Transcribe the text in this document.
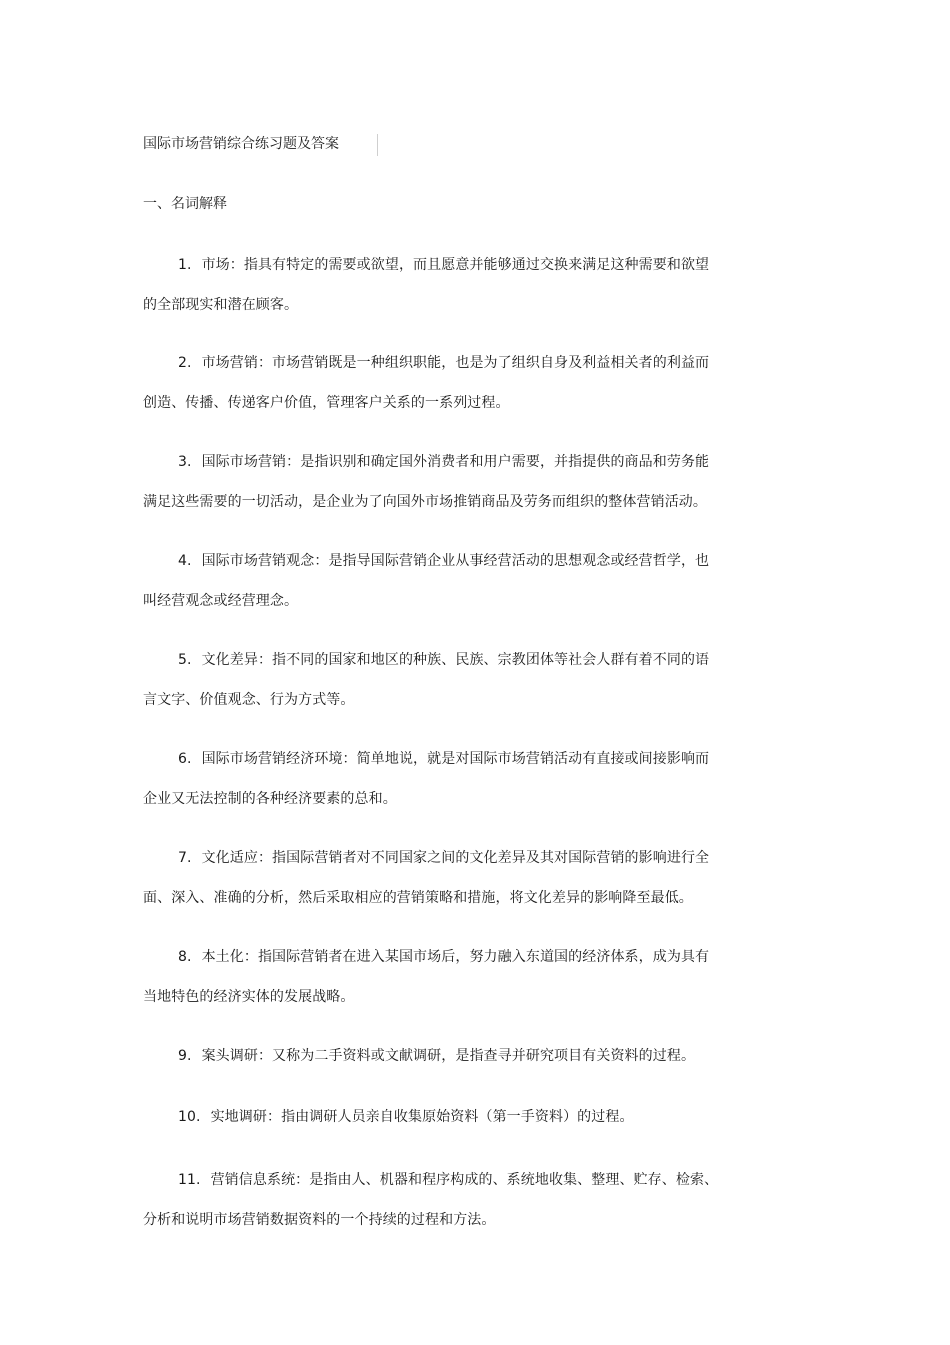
国际市场营销综合练习题及答案
一、名词解释
1. 市场：指具有特定的需要或欲望，而且愿意并能够通过交换来满足这种需要和欲望
的全部现实和潜在顾客。
2. 市场营销：市场营销既是一种组织职能，也是为了组织自身及利益相关者的利益而
创造、传播、传递客户价值，管理客户关系的一系列过程。
3. 国际市场营销：是指识别和确定国外消费者和用户需要，并指提供的商品和劳务能
满足这些需要的一切活动，是企业为了向国外市场推销商品及劳务而组织的整体营销活动。
4. 国际市场营销观念：是指导国际营销企业从事经营活动的思想观念或经营哲学，也
叫经营观念或经营理念。
5. 文化差异：指不同的国家和地区的种族、民族、宗教团体等社会人群有着不同的语
言文字、价值观念、行为方式等。
6. 国际市场营销经济环境：简单地说，就是对国际市场营销活动有直接或间接影响而
企业又无法控制的各种经济要素的总和。
7. 文化适应：指国际营销者对不同国家之间的文化差异及其对国际营销的影响进行全
面、深入、准确的分析，然后采取相应的营销策略和措施，将文化差异的影响降至最低。
8. 本土化：指国际营销者在进入某国市场后，努力融入东道国的经济体系，成为具有
当地特色的经济实体的发展战略。
9. 案头调研：又称为二手资料或文献调研，是指查寻并研究项目有关资料的过程。
10. 实地调研：指由调研人员亲自收集原始资料（第一手资料）的过程。
11. 营销信息系统：是指由人、机器和程序构成的、系统地收集、整理、贮存、检索、
分析和说明市场营销数据资料的一个持续的过程和方法。
